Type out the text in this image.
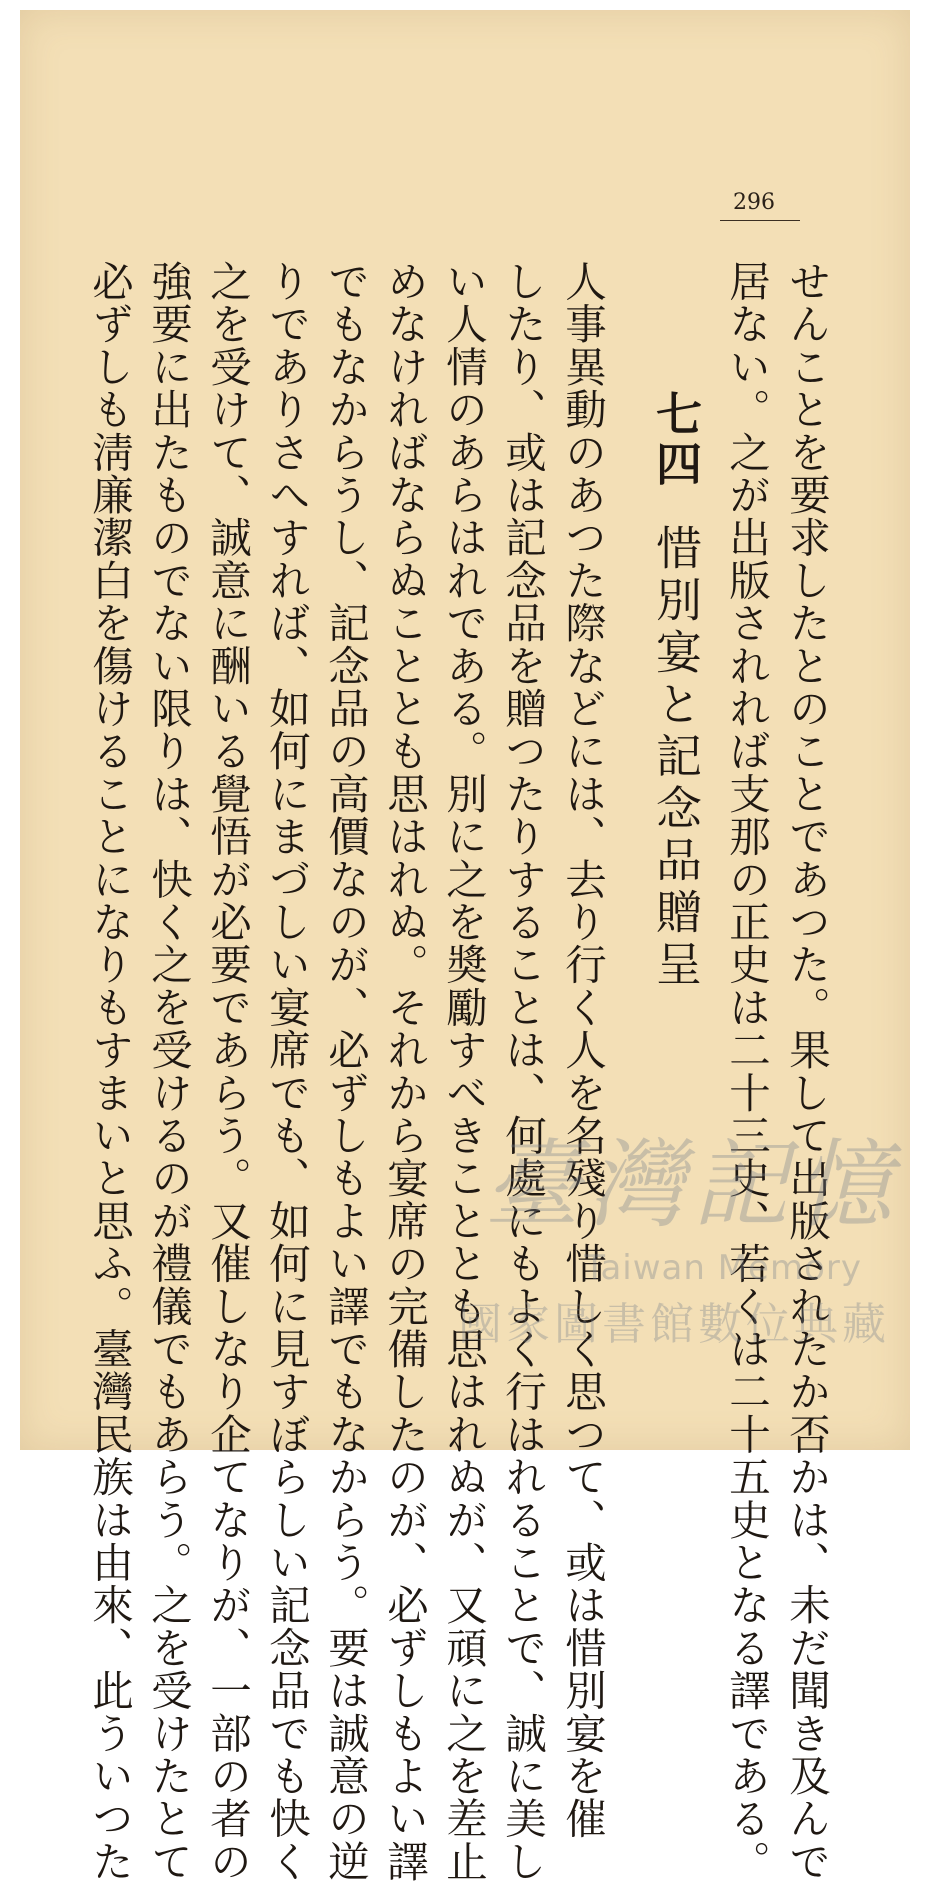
296
せんことを要求したとのことであつた。果して出版されたか否かは、未だ聞き及んで
居ない。之が出版されれば支那の正史は二十三史、若くは二十五史となる譯である。
七四惜別宴と記念品贈呈
人事異動のあつた際などには、去り行く人を名殘り惜しく思つて、或は惜別宴を催
したり、或は記念品を贈つたりすることは、何處にもよく行はれることで、誠に美し
い人情のあらはれである。別に之を奬勵すべきこととも思はれぬが、又頑に之を差止
めなければならぬこととも思はれぬ。それから宴席の完備したのが、必ずしもよい譯
でもなからうし、記念品の高價なのが、必ずしもよい譯でもなからう。要は誠意の逆
りでありさへすれば、如何にまづしい宴席でも、如何に見すぼらしい記念品でも快く
之を受けて、誠意に酬いる覺悟が必要であらう。又催しなり企てなりが、一部の者の
強要に出たものでない限りは、快く之を受けるのが禮儀でもあらう。之を受けたとて
必ずしも淸廉潔白を傷けることになりもすまいと思ふ。臺灣民族は由來、此ういつた	臺灣記憶
Taiwan Memory
國家圖書館數位典藏
